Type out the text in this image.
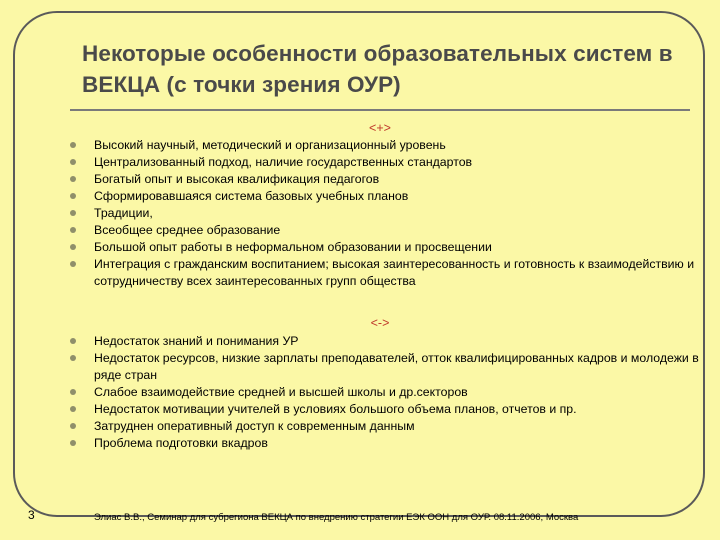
Некоторые особенности образовательных систем в ВЕКЦА (с точки зрения ОУР)
<+>
Высокий научный, методический и организационный уровень
Централизованный подход, наличие государственных стандартов
Богатый опыт и высокая квалификация педагогов
Сформировавшаяся система базовых учебных планов
Традиции,
Всеобщее среднее образование
Большой опыт работы в неформальном образовании и просвещении
Интеграция с гражданским воспитанием; высокая заинтересованность и готовность к взаимодействию и сотрудничеству всех заинтересованных групп общества
<->
Недостаток знаний и понимания УР
Недостаток ресурсов, низкие зарплаты преподавателей, отток квалифицированных кадров и молодежи в ряде стран
Слабое взаимодействие средней и высшей школы и др.секторов
Недостаток мотивации учителей в условиях большого объема планов, отчетов и пр.
Затруднен оперативный доступ к современным данным
Проблема подготовки вкадров
3	Элиас В.В., Семинар для субрегиона ВЕКЦА по внедрению стратегии ЕЭК ООН для ОУР. 08.11.2006, Москва
